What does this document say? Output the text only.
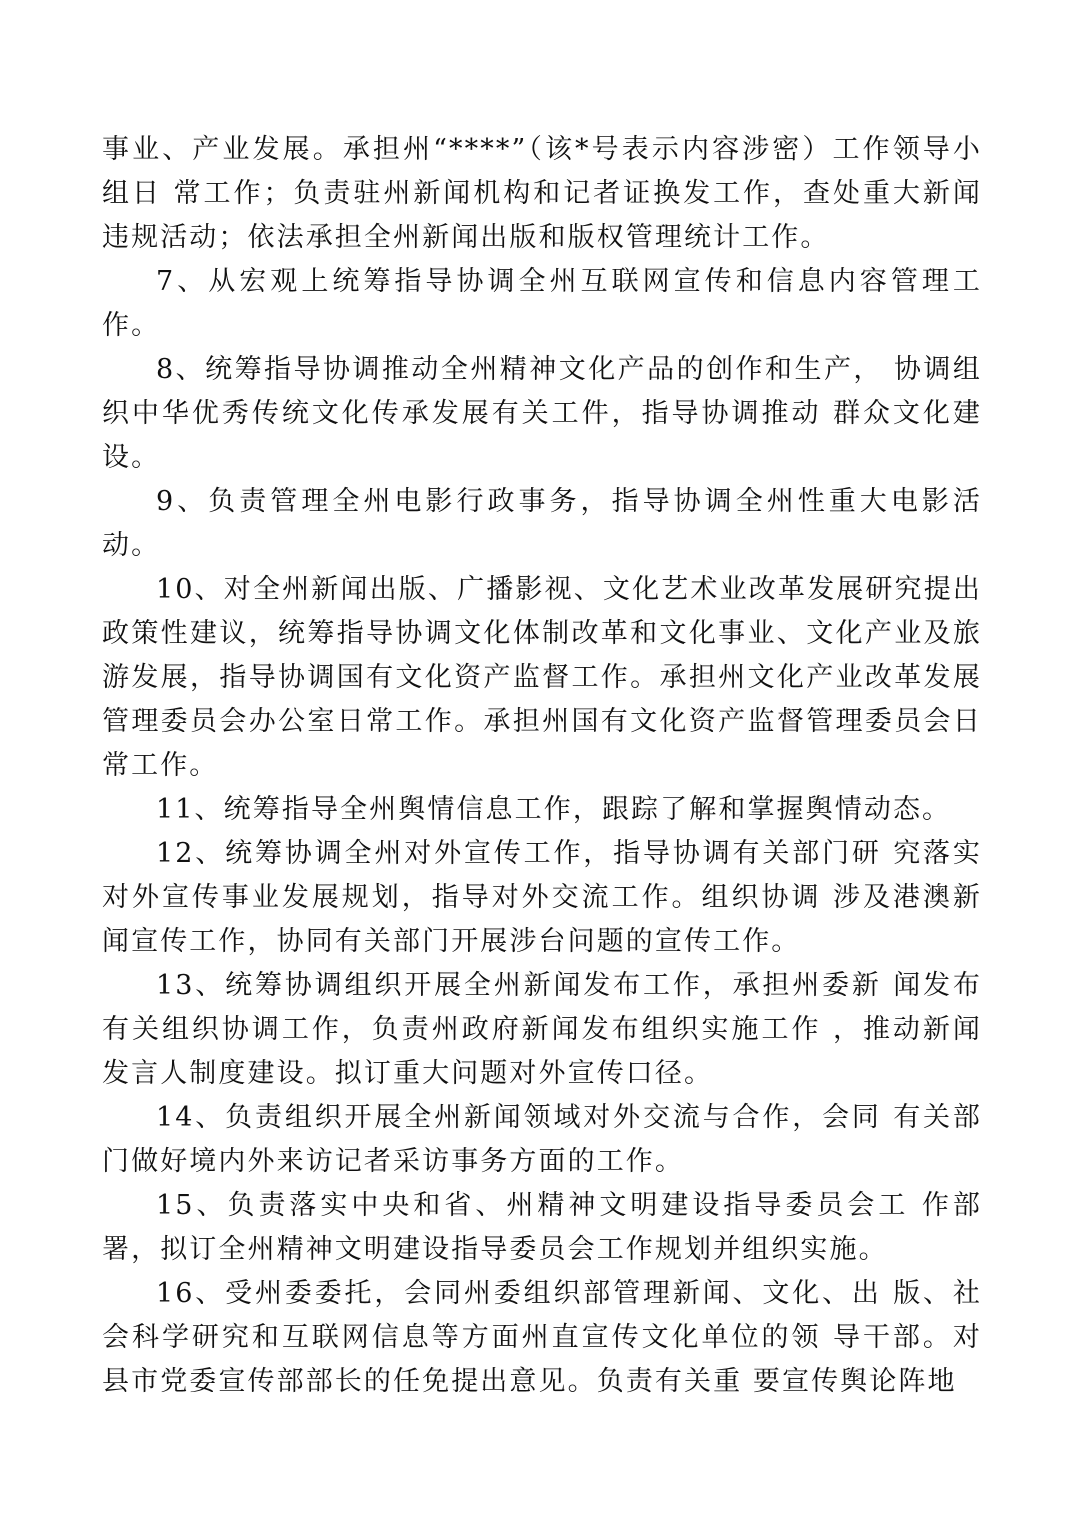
事业、产业发展。承担州“****”（该*号表示内容涉密）工作领导小组日 常工作；负责驻州新闻机构和记者证换发工作，查处重大新闻 违规活动；依法承担全州新闻出版和版权管理统计工作。

7、从宏观上统筹指导协调全州互联网宣传和信息内容管理工作。

8、统筹指导协调推动全州精神文化产品的创作和生产， 协调组织中华优秀传统文化传承发展有关工件，指导协调推动 群众文化建设。

9、负责管理全州电影行政事务，指导协调全州性重大电影活动。

10、对全州新闻出版、广播影视、文化艺术业改革发展研究提出政策性建议，统筹指导协调文化体制改革和文化事业、文化产业及旅游发展，指导协调国有文化资产监督工作。承担州文化产业改革发展管理委员会办公室日常工作。承担州国有文化资产监督管理委员会日常工作。

11、统筹指导全州舆情信息工作，跟踪了解和掌握舆情动态。

12、统筹协调全州对外宣传工作，指导协调有关部门研 究落实对外宣传事业发展规划，指导对外交流工作。组织协调 涉及港澳新闻宣传工作，协同有关部门开展涉台问题的宣传工作。

13、统筹协调组织开展全州新闻发布工作，承担州委新 闻发布有关组织协调工作，负责州政府新闻发布组织实施工作 ，推动新闻发言人制度建设。拟订重大问题对外宣传口径。

14、负责组织开展全州新闻领域对外交流与合作，会同 有关部门做好境内外来访记者采访事务方面的工作。

15、负责落实中央和省、州精神文明建设指导委员会工 作部署，拟订全州精神文明建设指导委员会工作规划并组织实施。

16、受州委委托，会同州委组织部管理新闻、文化、出 版、社会科学研究和互联网信息等方面州直宣传文化单位的领 导干部。对县市党委宣传部部长的任免提出意见。负责有关重 要宣传舆论阵地
